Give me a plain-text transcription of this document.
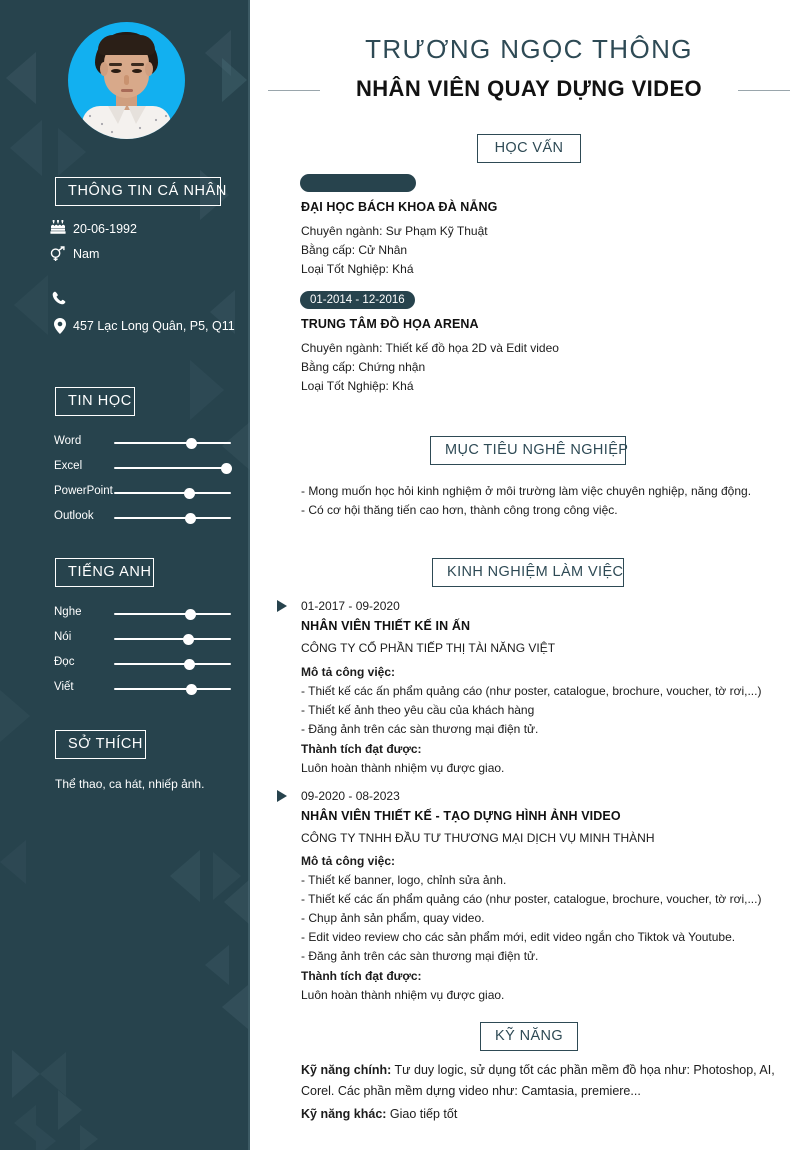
THÔNG TIN CÁ NHÂN
20-06-1992
Nam
457 Lạc Long Quân, P5, Q11
TIN HỌC
Word
Excel
PowerPoint
Outlook
TIẾNG ANH
Nghe
Nói
Đọc
Viết
SỞ THÍCH
Thể thao, ca hát, nhiếp ảnh.
TRƯƠNG NGỌC THÔNG
NHÂN VIÊN QUAY DỰNG VIDEO
HỌC VẤN
ĐẠI HỌC BÁCH KHOA ĐÀ NẴNG
Chuyên ngành: Sư Phạm Kỹ Thuật
Bằng cấp: Cử Nhân
Loại Tốt Nghiệp: Khá
01-2014 - 12-2016
TRUNG TÂM ĐỒ HỌA ARENA
Chuyên ngành: Thiết kế đồ họa 2D và Edit video
Bằng cấp: Chứng nhận
Loại Tốt Nghiệp: Khá
MỤC TIÊU NGHÊ NGHIỆP
- Mong muốn học hỏi kinh nghiệm ở môi trường làm việc chuyên nghiệp, năng động.
- Có cơ hội thăng tiến cao hơn, thành công trong công việc.
KINH NGHIỆM LÀM VIỆC
01-2017 - 09-2020
NHÂN VIÊN THIẾT KẾ IN ẤN
CÔNG TY CỔ PHẦN TIẾP THỊ TÀI NĂNG VIỆT
Mô tả công việc:
- Thiết kế các ấn phẩm quảng cáo (như poster, catalogue, brochure, voucher, tờ rơi,...)
- Thiết kế ảnh theo yêu cầu của khách hàng
- Đăng ảnh trên các sàn thương mại điện tử.
Thành tích đạt được:
Luôn hoàn thành nhiệm vụ được giao.
09-2020 - 08-2023
NHÂN VIÊN THIẾT KẾ - TẠO DỰNG HÌNH ẢNH VIDEO
CÔNG TY TNHH ĐẦU TƯ THƯƠNG MẠI DỊCH VỤ MINH THÀNH
Mô tả công việc:
- Thiết kế banner, logo, chỉnh sửa ảnh.
- Thiết kế các ấn phẩm quảng cáo (như poster, catalogue, brochure, voucher, tờ rơi,...)
- Chụp ảnh sản phẩm, quay video.
- Edit video review cho các sản phẩm mới, edit video ngắn cho Tiktok và Youtube.
- Đăng ảnh trên các sàn thương mại điện tử.
Thành tích đạt được:
Luôn hoàn thành nhiệm vụ được giao.
KỸ NĂNG
Kỹ năng chính: Tư duy logic, sử dụng tốt các phần mềm đồ họa như: Photoshop, AI, Corel. Các phần mềm dựng video như: Camtasia, premiere...
Kỹ năng khác: Giao tiếp tốt
